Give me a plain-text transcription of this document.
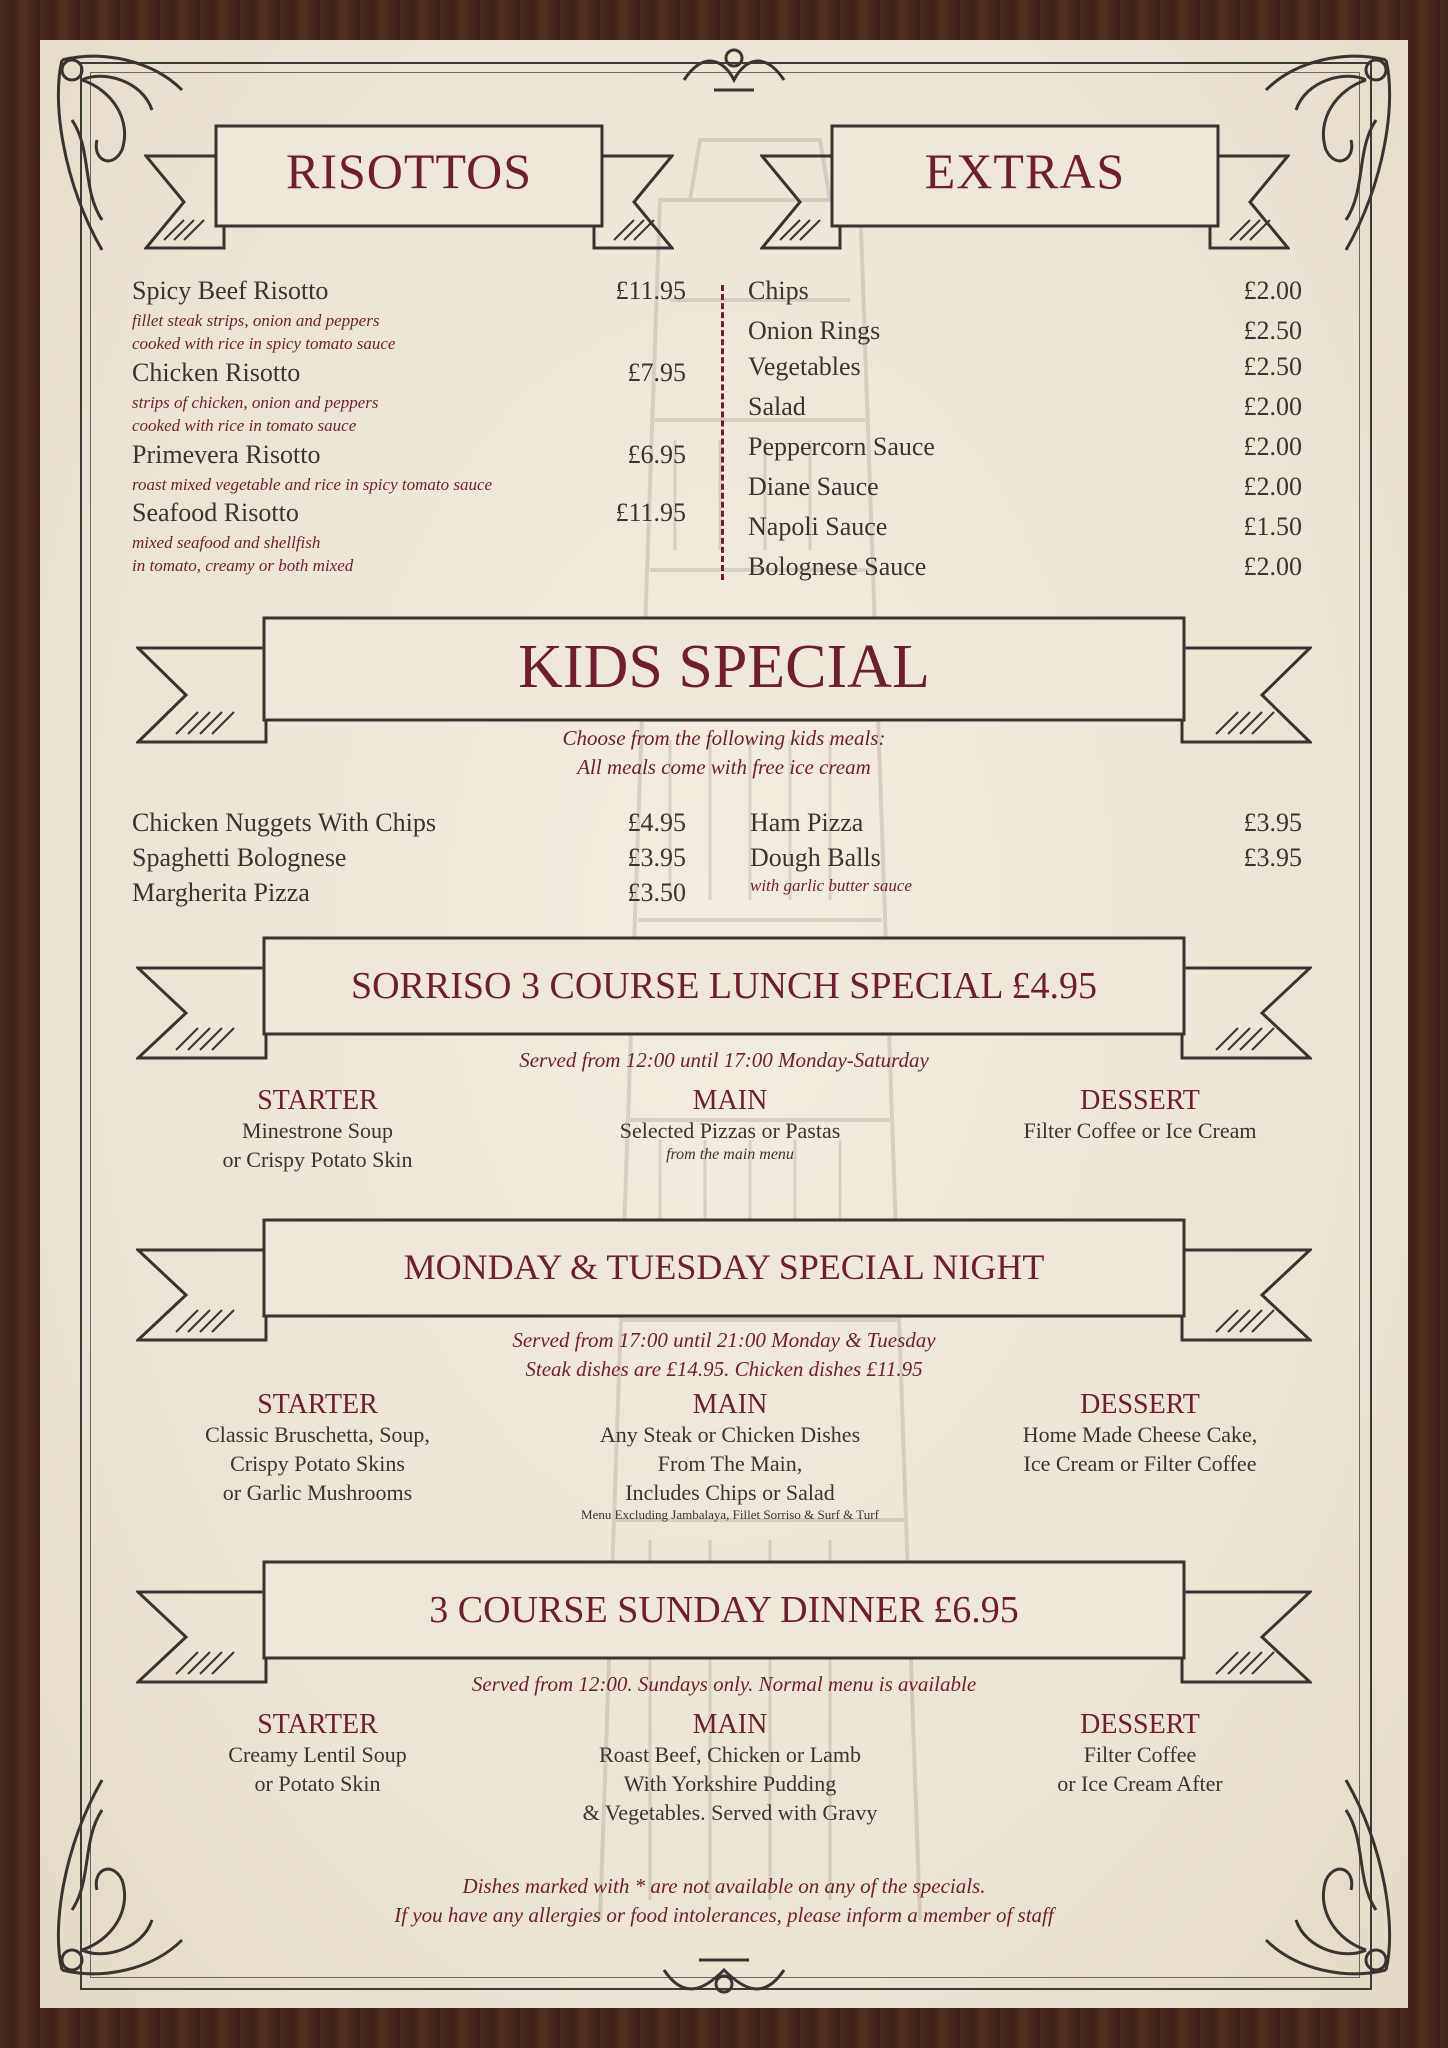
RISOTTOS	EXTRAS
Spicy Beef Risotto	£11.95
fillet steak strips, onion and peppers
cooked with rice in spicy tomato sauce
Chicken Risotto	£7.95
strips of chicken, onion and peppers
cooked with rice in tomato sauce
Primevera Risotto	£6.95
roast mixed vegetable and rice in spicy tomato sauce
Seafood Risotto	£11.95
mixed seafood and shellfish
in tomato, creamy or both mixed
Chips	£2.00
Onion Rings	£2.50
Vegetables	£2.50
Salad	£2.00
Peppercorn Sauce	£2.00
Diane Sauce	£2.00
Napoli Sauce	£1.50
Bolognese Sauce	£2.00
KIDS SPECIAL
Choose from the following kids meals:
All meals come with free ice cream
Chicken Nuggets With Chips	£4.95
Spaghetti Bolognese	£3.95
Margherita Pizza	£3.50
Ham Pizza	£3.95
Dough Balls	£3.95
with garlic butter sauce
SORRISO 3 COURSE LUNCH SPECIAL £4.95
Served from 12:00 until 17:00 Monday-Saturday
STARTER
Minestrone Soup
or Crispy Potato Skin
MAIN
Selected Pizzas or Pastas
from the main menu
DESSERT
Filter Coffee or Ice Cream
MONDAY & TUESDAY SPECIAL NIGHT
Served from 17:00 until 21:00 Monday & Tuesday
Steak dishes are £14.95. Chicken dishes £11.95
STARTER
Classic Bruschetta, Soup,
Crispy Potato Skins
or Garlic Mushrooms
MAIN
Any Steak or Chicken Dishes
From The Main,
Includes Chips or Salad
Menu Excluding Jambalaya, Fillet Sorriso & Surf & Turf
DESSERT
Home Made Cheese Cake,
Ice Cream or Filter Coffee
3 COURSE SUNDAY DINNER £6.95
Served from 12:00. Sundays only. Normal menu is available
STARTER
Creamy Lentil Soup
or Potato Skin
MAIN
Roast Beef, Chicken or Lamb
With Yorkshire Pudding
& Vegetables. Served with Gravy
DESSERT
Filter Coffee
or Ice Cream After
Dishes marked with * are not available on any of the specials.
If you have any allergies or food intolerances, please inform a member of staff
